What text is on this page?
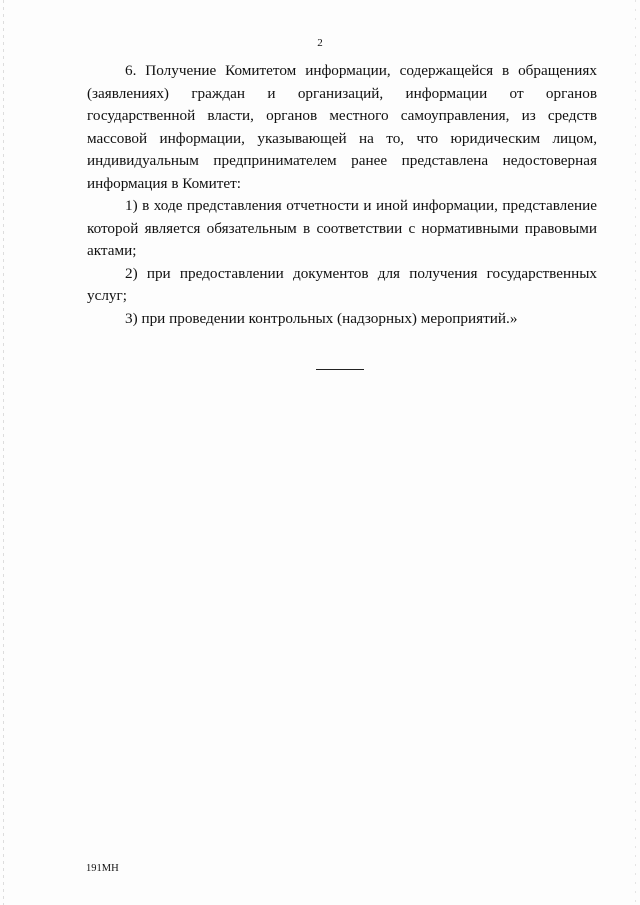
2

6. Получение Комитетом информации, содержащейся в обращениях (заявлениях) граждан и организаций, информации от органов государственной власти, органов местного самоуправления, из средств массовой информации, указывающей на то, что юридическим лицом, индивидуальным предпринимателем ранее представлена недостоверная информация в Комитет:

1) в ходе представления отчетности и иной информации, представление которой является обязательным в соответствии с нормативными правовыми актами;

2) при предоставлении документов для получения государственных услуг;

3) при проведении контрольных (надзорных) мероприятий.»

191МН
